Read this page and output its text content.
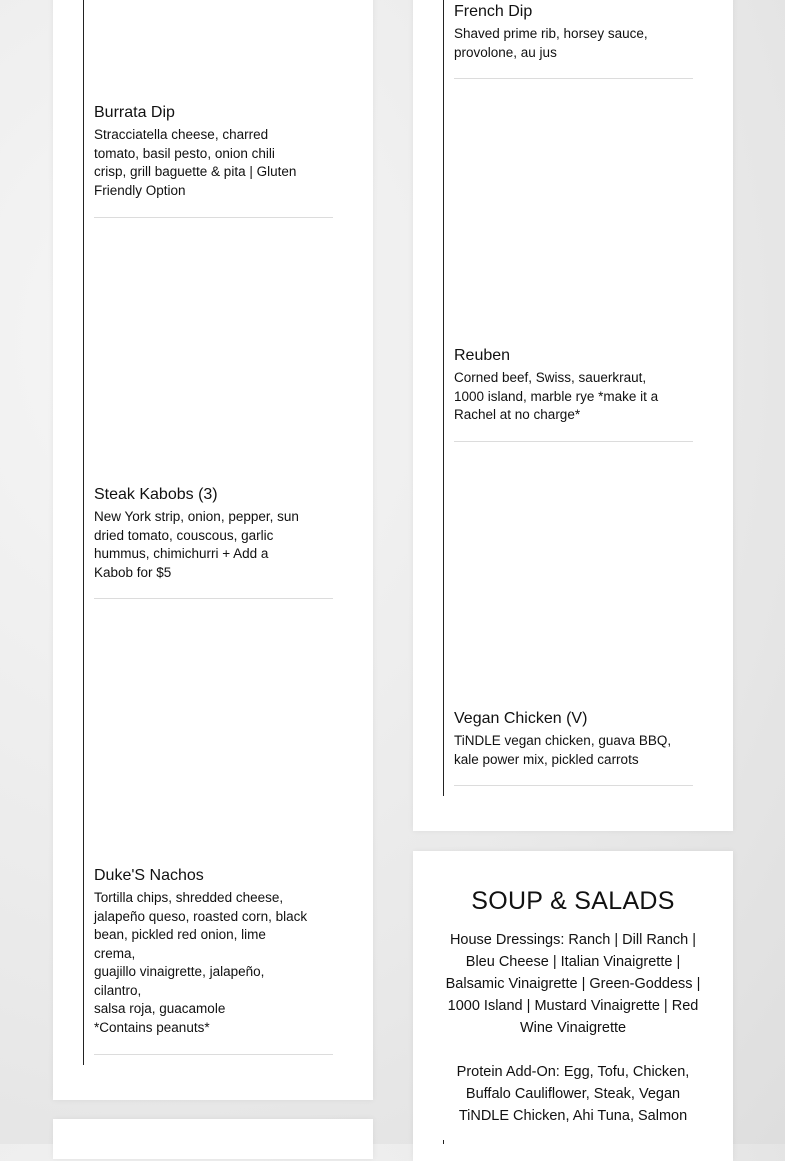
Burrata Dip
Stracciatella cheese, charred
tomato, basil pesto, onion chili
crisp, grill baguette & pita | Gluten
Friendly Option
Steak Kabobs (3)
New York strip, onion, pepper, sun
dried tomato, couscous, garlic
hummus, chimichurri + Add a
Kabob for $5
Duke'S Nachos
Tortilla chips, shredded cheese,
jalapeño queso, roasted corn, black
bean, pickled red onion, lime
crema,
guajillo vinaigrette, jalapeño,
cilantro,
salsa roja, guacamole
*Contains peanuts*
French Dip
Shaved prime rib, horsey sauce,
provolone, au jus
Reuben
Corned beef, Swiss, sauerkraut,
1000 island, marble rye *make it a
Rachel at no charge*
Vegan Chicken (V)
TiNDLE vegan chicken, guava BBQ,
kale power mix, pickled carrots
SOUP & SALADS
House Dressings: Ranch | Dill Ranch |
Bleu Cheese | Italian Vinaigrette |
Balsamic Vinaigrette | Green-Goddess |
1000 Island | Mustard Vinaigrette | Red
Wine Vinaigrette
Protein Add-On: Egg, Tofu, Chicken,
Buffalo Cauliflower, Steak, Vegan
TiNDLE Chicken, Ahi Tuna, Salmon
